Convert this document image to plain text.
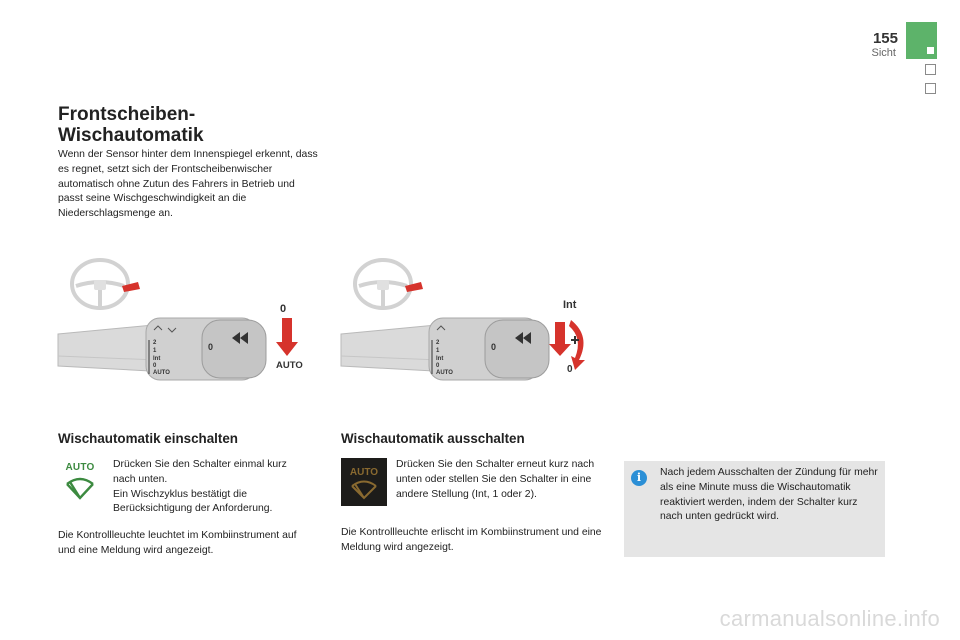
155
Sicht
Frontscheiben-
Wischautomatik
Wenn der Sensor hinter dem Innenspiegel erkennt, dass es regnet, setzt sich der Frontscheibenwischer automatisch ohne Zutun des Fahrers in Betrieb und passt seine Wischgeschwindigkeit an die Niederschlagsmenge an.
2
1
Int
0
AUTO
0
0
AUTO
2
1
Int
0
AUTO
0
Int
0
Wischautomatik einschalten
AUTO	Drücken Sie den Schalter einmal kurz
nach unten.
Ein Wischzyklus bestätigt die
Berücksichtigung der Anforderung.
Die Kontrollleuchte leuchtet im Kombiinstrument auf und eine Meldung wird angezeigt.
Wischautomatik ausschalten
AUTO
Drücken Sie den Schalter erneut kurz nach unten oder stellen Sie den Schalter in eine andere Stellung (Int, 1 oder 2).
Die Kontrollleuchte erlischt im Kombiinstrument und eine Meldung wird angezeigt.
i	Nach jedem Ausschalten der Zündung für mehr als eine Minute muss die Wischautomatik reaktiviert werden, indem der Schalter kurz nach unten gedrückt wird.
carmanualsonline.info
